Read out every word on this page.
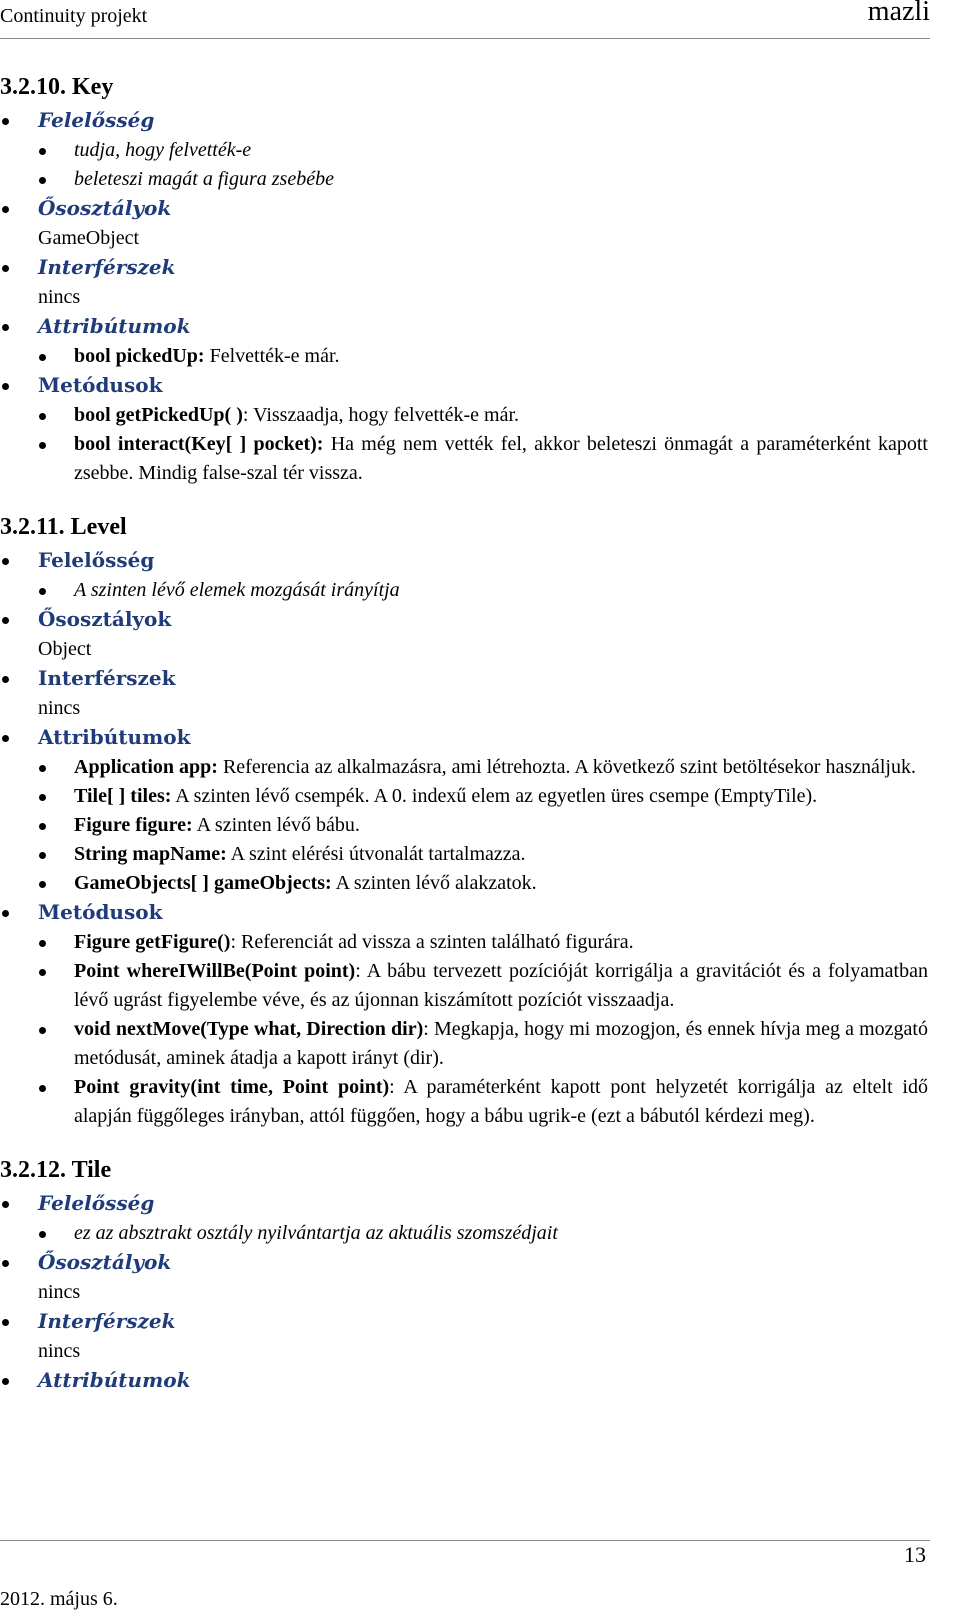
Continuity projekt	mazli
3.2.10. Key
Felelősség
tudja, hogy felvették-e
beleteszi magát a figura zsebébe
Ősosztályok
GameObject
Interférszek
nincs
Attribútumok
bool pickedUp: Felvették-e már.
Metódusok
bool getPickedUp( ): Visszaadja, hogy felvették-e már.
bool interact(Key[ ] pocket): Ha még nem vették fel, akkor beleteszi önmagát a paraméterként kapott zsebbe. Mindig false-szal tér vissza.
3.2.11. Level
Felelősség
A szinten lévő elemek mozgását irányítja
Ősosztályok
Object
Interférszek
nincs
Attribútumok
Application app: Referencia az alkalmazásra, ami létrehozta. A következő szint betöltésekor használjuk.
Tile[ ] tiles: A szinten lévő csempék. A 0. indexű elem az egyetlen üres csempe (EmptyTile).
Figure figure: A szinten lévő bábu.
String mapName: A szint elérési útvonalát tartalmazza.
GameObjects[ ] gameObjects: A szinten lévő alakzatok.
Metódusok
Figure getFigure(): Referenciát ad vissza a szinten található figurára.
Point whereIWillBe(Point point): A bábu tervezett pozícióját korrigálja a gravitációt és a folyamatban lévő ugrást figyelembe véve, és az újonnan kiszámított pozíciót visszaadja.
void nextMove(Type what, Direction dir): Megkapja, hogy mi mozogjon, és ennek hívja meg a mozgató metódusát, aminek átadja a kapott irányt (dir).
Point gravity(int time, Point point): A paraméterként kapott pont helyzetét korrigálja az eltelt idő alapján függőleges irányban, attól függően, hogy a bábu ugrik-e (ezt a bábutól kérdezi meg).
3.2.12. Tile
Felelősség
ez az absztrakt osztály nyilvántartja az aktuális szomszédjait
Ősosztályok
nincs
Interférszek
nincs
Attribútumok
2012. május 6.
13
